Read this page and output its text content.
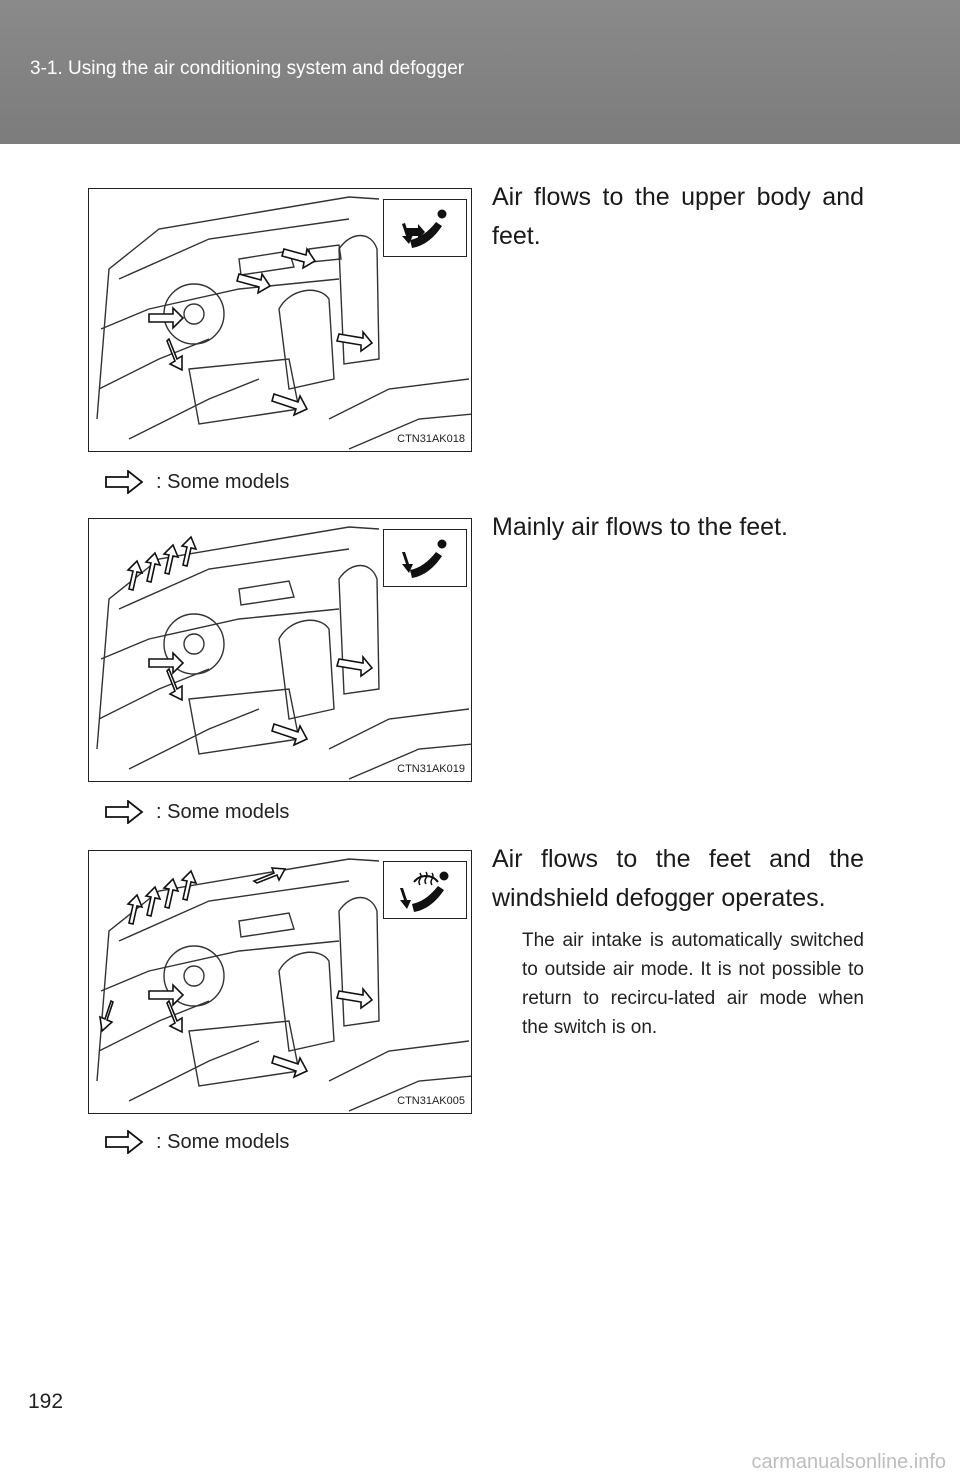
3-1. Using the air conditioning system and defogger
CTN31AK018
Air flows to the upper body and feet.
: Some models
CTN31AK019
Mainly air flows to the feet.
: Some models
CTN31AK005
Air flows to the feet and the windshield defogger operates.
The air intake is automatically switched to outside air mode. It is not possible to return to recircu-lated air mode when the switch is on.
: Some models
192
carmanualsonline.info
